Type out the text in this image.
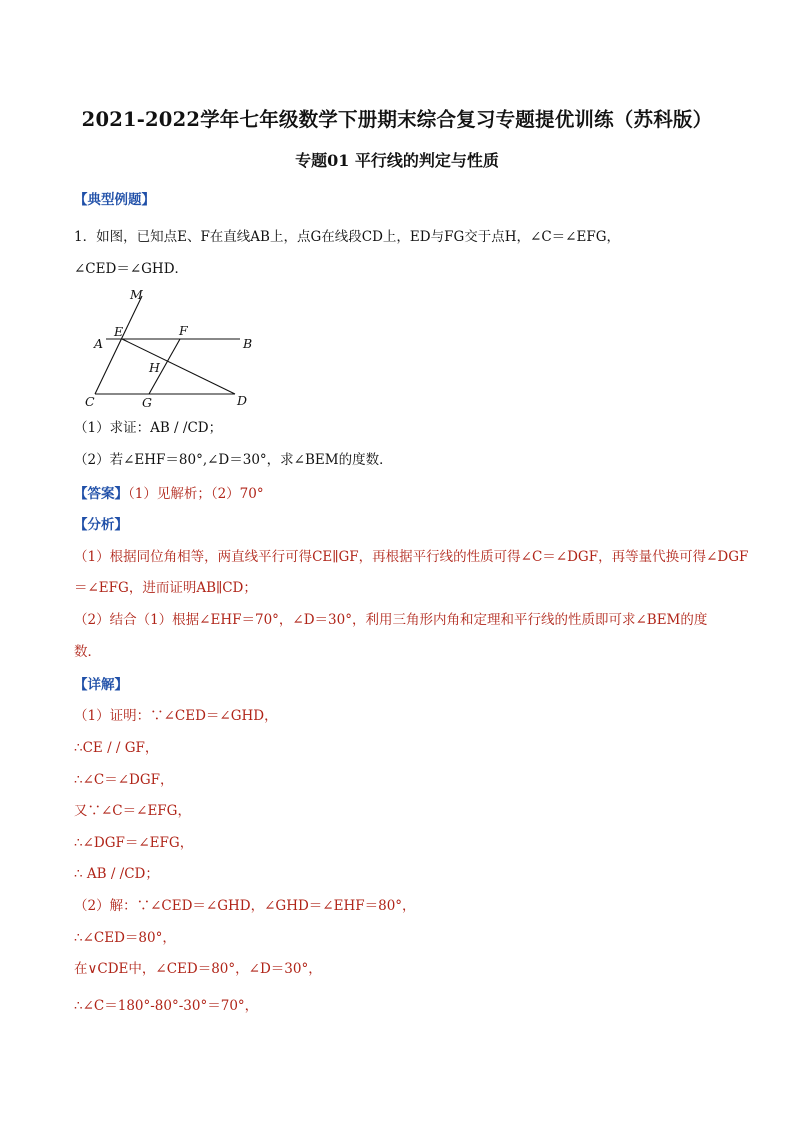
2021-2022学年七年级数学下册期末综合复习专题提优训练（苏科版）
专题01 平行线的判定与性质
【典型例题】
1．如图，已知点E、F在直线AB上，点G在线段CD上，ED与FG交于点H，∠C＝∠EFG，
∠CED＝∠GHD．
M
A
E	F
B
H
C	G	D
（1）求证：AB / /CD；
（2）若∠EHF＝80°,∠D＝30°，求∠BEM的度数．
【答案】（1）见解析；（2）70°
【分析】
（1）根据同位角相等，两直线平行可得CE∥GF，再根据平行线的性质可得∠C＝∠DGF，再等量代换可得∠DGF
＝∠EFG，进而证明AB∥CD；
（2）结合（1）根据∠EHF＝70°，∠D＝30°，利用三角形内角和定理和平行线的性质即可求∠BEM的度
数．
【详解】
（1）证明：∵∠CED＝∠GHD，
∴CE / / GF，
∴∠C＝∠DGF，
又∵∠C＝∠EFG，
∴∠DGF＝∠EFG，
∴ AB / /CD；
（2）解：∵∠CED＝∠GHD，∠GHD＝∠EHF＝80°，
∴∠CED＝80°，
在∨CDE中，∠CED＝80°，∠D＝30°，
∴∠C＝180°-80°-30°＝70°，
